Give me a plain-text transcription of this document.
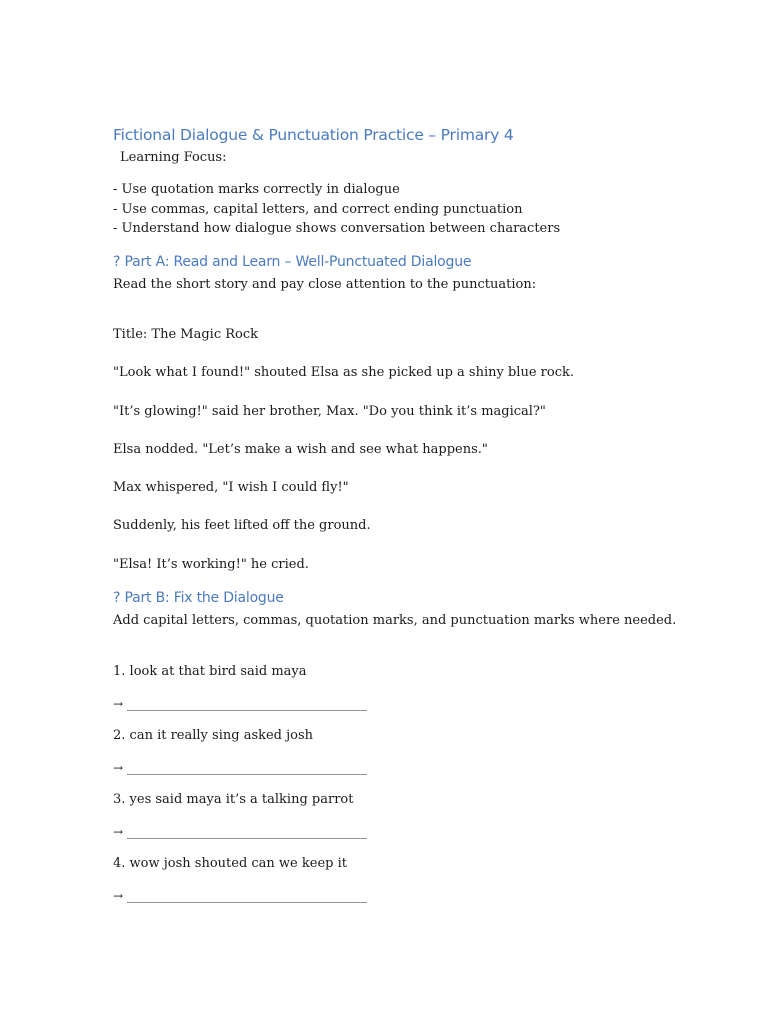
Fictional Dialogue & Punctuation Practice – Primary 4
Learning Focus:
- Use quotation marks correctly in dialogue
- Use commas, capital letters, and correct ending punctuation
- Understand how dialogue shows conversation between characters
? Part A: Read and Learn – Well-Punctuated Dialogue
Read the short story and pay close attention to the punctuation:
Title: The Magic Rock
"Look what I found!" shouted Elsa as she picked up a shiny blue rock.
"It’s glowing!" said her brother, Max. "Do you think it’s magical?"
Elsa nodded. "Let’s make a wish and see what happens."
Max whispered, "I wish I could fly!"
Suddenly, his feet lifted off the ground.
"Elsa! It’s working!" he cried.
? Part B: Fix the Dialogue
Add capital letters, commas, quotation marks, and punctuation marks where needed.
1. look at that bird said maya
→ ________________________________________
2. can it really sing asked josh
→ ________________________________________
3. yes said maya it’s a talking parrot
→ ________________________________________
4. wow josh shouted can we keep it
→ ________________________________________
